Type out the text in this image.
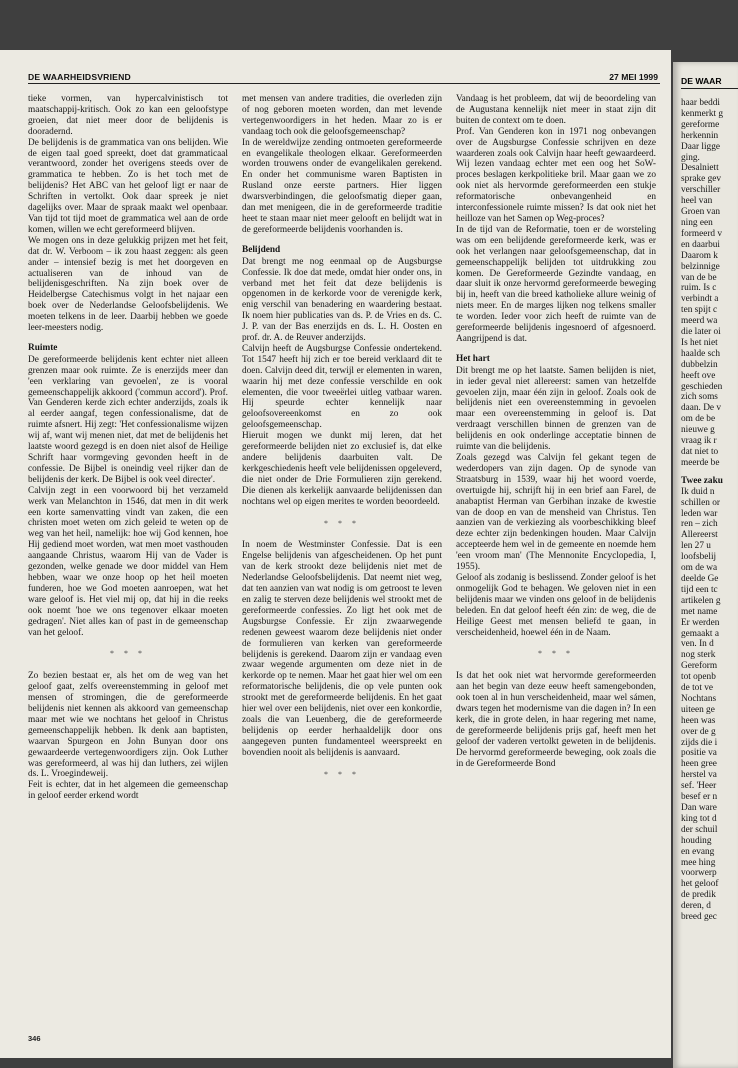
DE WAARHEIDSVRIEND	27 MEI 1999

tieke vormen, van hypercalvinistisch tot maatschappij-kritisch. Ook zo kan een geloofstype groeien, dat niet meer door de belijdenis is dooradernd.

De belijdenis is de grammatica van ons belijden. Wie de eigen taal goed spreekt, doet dat grammaticaal verantwoord, zonder het overigens steeds over de grammatica te hebben. Zo is het toch met de belijdenis? Het ABC van het geloof ligt er naar de Schriften in vertolkt. Ook daar spreek je niet dagelijks over. Maar de spraak maakt wel openbaar. Van tijd tot tijd moet de grammatica wel aan de orde komen, willen we echt gereformeerd blijven.

We mogen ons in deze gelukkig prijzen met het feit, dat dr. W. Verboom – ik zou haast zeggen: als geen ander – intensief bezig is met het doorgeven en actualiseren van de inhoud van de belijdenisgeschriften. Na zijn boek over de Heidelbergse Catechismus volgt in het najaar een boek over de Nederlandse Geloofsbelijdenis. We moeten telkens in de leer. Daarbij hebben we goede leer-meesters nodig.

Ruimte

De gereformeerde belijdenis kent echter niet alleen grenzen maar ook ruimte. Ze is enerzijds meer dan 'een verklaring van gevoelen', ze is vooral gemeenschappelijk akkoord ('commun accord'). Prof. Van Genderen kerde zich echter anderzijds, zoals ik al eerder aangaf, tegen confessionalisme, dat de ruimte afsnert. Hij zegt: 'Het confessionalisme wijzen wij af, want wij menen niet, dat met de belijdenis het laatste woord gezegd is en doen niet alsof de Heilige Schrift haar vormgeving gevonden heeft in de confessie. De Bijbel is oneindig veel rijker dan de belijdenis der kerk. De Bijbel is ook veel directer'.

Calvijn zegt in een voorwoord bij het verzameld werk van Melanchton in 1546, dat men in dit werk een korte samenvatting vindt van zaken, die een christen moet weten om zich geleid te weten op de weg van het heil, namelijk: hoe wij God kennen, hoe Hij gediend moet worden, wat men moet vasthouden aangaande Christus, waarom Hij van de Vader is gezonden, welke genade we door middel van Hem hebben, waar we onze hoop op het heil moeten funderen, hoe we God moeten aanroepen, wat het ware geloof is. Het viel mij op, dat hij in die reeks ook noemt 'hoe we ons tegenover elkaar moeten gedragen'. Niet alles kan of past in de gemeenschap van het geloof.

* * *

Zo bezien bestaat er, als het om de weg van het geloof gaat, zelfs overeenstemming in geloof met mensen of stromingen, die de gereformeerde belijdenis niet kennen als akkoord van gemeenschap maar met wie we nochtans het geloof in Christus gemeenschappelijk hebben. Ik denk aan baptisten, waarvan Spurgeon en John Bunyan door ons gewaardeerde vertegenwoordigers zijn. Ook Luther was gereformeerd, al was hij dan luthers, zei wijlen ds. L. Vroegindeweij.

Feit is echter, dat in het algemeen die gemeenschap in geloof eerder erkend wordt

met mensen van andere tradities, die overleden zijn of nog geboren moeten worden, dan met levende vertegenwoordigers in het heden. Maar zo is er vandaag toch ook die geloofsgemeenschap?

In de wereldwijze zending ontmoeten gereformeerde en evangelikale theologen elkaar. Gereformeerden worden trouwens onder de evangelikalen gerekend. En onder het communisme waren Baptisten in Rusland onze eerste partners. Hier liggen dwarsverbindingen, die geloofsmatig dieper gaan, dan met menigeen, die in de gereformeerde traditie heet te staan maar niet meer gelooft en belijdt wat in de gereformeerde belijdenis voorhanden is.

Belijdend

Dat brengt me nog eenmaal op de Augsburgse Confessie. Ik doe dat mede, omdat hier onder ons, in verband met het feit dat deze belijdenis is opgenomen in de kerkorde voor de verenigde kerk, enig verschil van benadering en waardering bestaat. Ik noem hier publicaties van ds. P. de Vries en ds. C. J. P. van der Bas enerzijds en ds. L. H. Oosten en prof. dr. A. de Reuver anderzijds.

Calvijn heeft de Augsburgse Confessie ondertekend. Tot 1547 heeft hij zich er toe bereid verklaard dit te doen. Calvijn deed dit, terwijl er elementen in waren, waarin hij met deze confessie verschilde en ook elementen, die voor tweeërlei uitleg vatbaar waren. Hij speurde echter kennelijk naar geloofsovereenkomst en zo ook geloofsgemeenschap.

Hieruit mogen we dunkt mij leren, dat het gereformeerde belijden niet zo exclusief is, dat elke andere belijdenis daarbuiten valt. De kerkgeschiedenis heeft vele belijdenissen opgeleverd, die niet onder de Drie Formulieren zijn gerekend. Die dienen als kerkelijk aanvaarde belijdenissen dan nochtans wel op eigen merites te worden beoordeeld.

* * *

In noem de Westminster Confessie. Dat is een Engelse belijdenis van afgescheidenen. Op het punt van de kerk strookt deze belijdenis niet met de Nederlandse Geloofsbelijdenis. Dat neemt niet weg, dat ten aanzien van wat nodig is om getroost te leven en zalig te sterven deze belijdenis wel strookt met de gereformeerde confessies. Zo ligt het ook met de Augsburgse Confessie. Er zijn zwaarwegende redenen geweest waarom deze belijdenis niet onder de formulieren van kerken van gereformeerde belijdenis is gerekend. Daarom zijn er vandaag even zwaar wegende argumenten om deze niet in de kerkorde op te nemen. Maar het gaat hier wel om een reformatorische belijdenis, die op vele punten ook strookt met de gereformeerde belijdenis. En het gaat hier wel over een belijdenis, niet over een konkordie, zoals die van Leuenberg, die de gereformeerde belijdenis op eerder herhaaldelijk door ons aangegeven punten fundamenteel weerspreekt en bovendien nooit als belijdenis is aanvaard.

* * *

Vandaag is het probleem, dat wij de beoordeling van de Augustana kennelijk niet meer in staat zijn dit buiten de context om te doen.

Prof. Van Genderen kon in 1971 nog onbevangen over de Augsburgse Confessie schrijven en deze waarderen zoals ook Calvijn haar heeft gewaardeerd. Wij lezen vandaag echter met een oog het SoW-proces beslagen kerkpolitieke bril. Maar gaan we zo ook niet als hervormde gereformeerden een stukje reformatorische onbevangenheid en interconfessionele ruimte missen? Is dat ook niet het heilloze van het Samen op Weg-proces?

In de tijd van de Reformatie, toen er de worsteling was om een belijdende gereformeerde kerk, was er ook het verlangen naar geloofsgemeenschap, dat in gemeenschappelijk belijden tot uitdrukking zou komen. De Gereformeerde Gezindte vandaag, en daar sluit ik onze hervormd gereformeerde beweging bij in, heeft van die breed katholieke allure weinig of niets meer. En de marges lijken nog telkens smaller te worden. Ieder voor zich heeft de ruimte van de gereformeerde belijdenis ingesnoerd of afgesnoerd. Aangrijpend is dat.

Het hart

Dit brengt me op het laatste. Samen belijden is niet, in ieder geval niet allereerst: samen van hetzelfde gevoelen zijn, maar één zijn in geloof. Zoals ook de belijdenis niet een overeenstemming in gevoelen maar een overeenstemming in geloof is. Dat verdraagt verschillen binnen de grenzen van de belijdenis en ook onderlinge acceptatie binnen de ruimte van die belijdenis.

Zoals gezegd was Calvijn fel gekant tegen de wederdopers van zijn dagen. Op de synode van Straatsburg in 1539, waar hij het woord voerde, overtuigde hij, schrijft hij in een brief aan Farel, de anabaptist Herman van Gerbihan inzake de kwestie van de doop en van de mensheid van Christus. Ten aanzien van de verkiezing als voorbeschikking bleef deze echter zijn bedenkingen houden. Maar Calvijn accepteerde hem wel in de gemeente en noemde hem 'een vroom man' (The Mennonite Encyclopedia, I, 1955).

Geloof als zodanig is beslissend. Zonder geloof is het onmogelijk God te behagen. We geloven niet in een belijdenis maar we vinden ons geloof in de belijdenis beleden. En dat geloof heeft één zin: de weg, die de Heilige Geest met mensen beliefd te gaan, in verscheidenheid, hoewel één in de Naam.

* * *

Is dat het ook niet wat hervormde gereformeerden aan het begin van deze eeuw heeft samengebonden, ook toen al in hun verscheidenheid, maar wel sámen, dwars tegen het modernisme van die dagen in? In een kerk, die in grote delen, in haar regering met name, de gereformeerde belijdenis prijs gaf, heeft men het geloof der vaderen vertolkt geweten in de belijdenis. De hervormd gereformeerde beweging, ook zoals die in de Gereformeerde Bond

346
DE WAAR

haar beddi

kenmerkt g

gereforme

herkennin

Daar ligge

ging.

Desalniett

sprake gev

verschiller

heel van

Groen van

ning een

formeerd v

en daarbui

Daarom k

belzinnige

van de be

ruim. Is c

verbindt a

ten spijt c

meerd wa

die later oi

Is het niet

haalde sch

dubbelzin

heeft ove

geschieden

zich soms

daan. De v

om de be

nieuwe g

vraag ik r

dat niet to

meerde be

Twee zaku

Ik duid n

schillen or

leden war

ren – zich

Allereerst

len 27 u

loofsbelij

om de wa

deelde Ge

tijd een tc

artikelen g

met name

Er werden

gemaakt a

ven. In d

nog sterk

Gereform

tot openb

de tot ve

Nochtans

uiteen ge

heen was

over de g

zijds die i

positie va

heen gree

herstel va

sef. 'Heer

besef er n

Dan ware

king tot d

der schuil

houding

en evang

mee hing

voorwerp

het geloof

de predik

deren, d

breed gec
